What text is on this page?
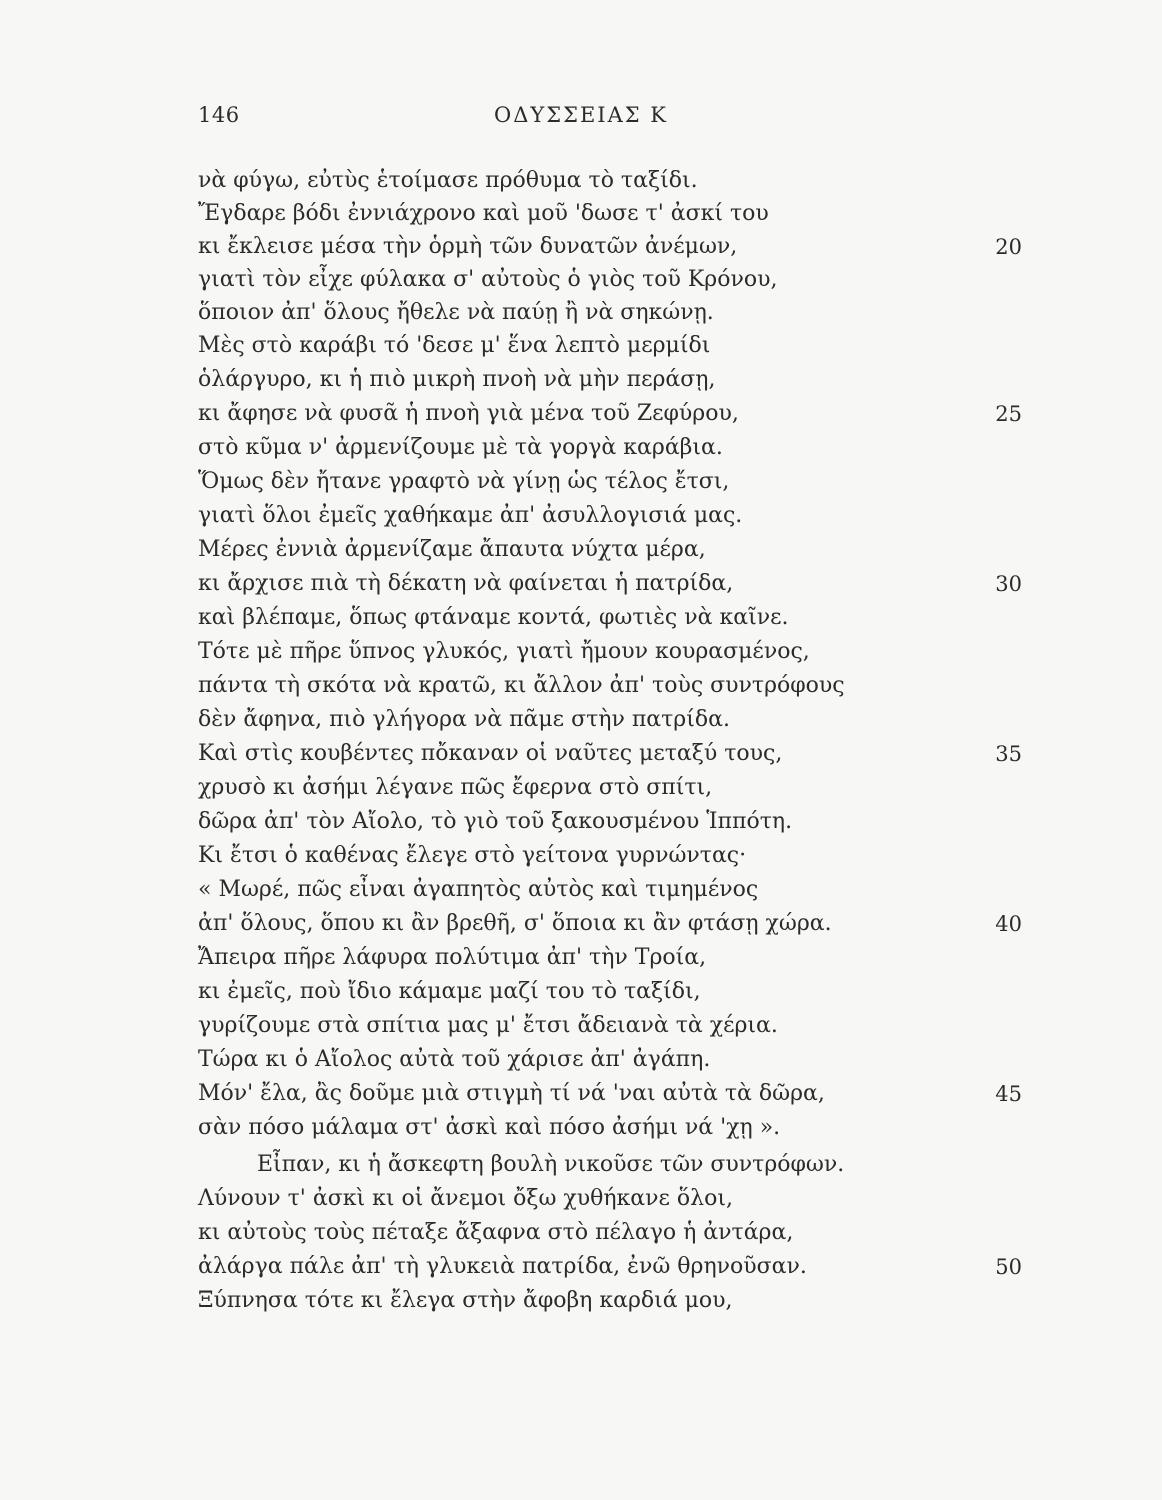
146	ΟΔΥΣΣΕΙΑΣ Κ
νὰ φύγω, εὐτὺς ἑτοίμασε πρόθυμα τὸ ταξίδι.
Ἔγδαρε βόδι ἐννιάχρονο καὶ μοῦ 'δωσε τ' ἀσκί του
κι ἔκλεισε μέσα τὴν ὁρμὴ τῶν δυνατῶν ἀνέμων,
γιατὶ τὸν εἶχε φύλακα σ' αὐτοὺς ὁ γιὸς τοῦ Κρόνου,
ὅποιον ἀπ' ὅλους ἤθελε νὰ παύῃ ἢ νὰ σηκώνῃ.
Μὲς στὸ καράβι τό 'δεσε μ' ἕνα λεπτὸ μερμίδι
ὁλάργυρο, κι ἡ πιὸ μικρὴ πνοὴ νὰ μὴν περάσῃ,
κι ἄφησε νὰ φυσᾶ ἡ πνοὴ γιὰ μένα τοῦ Ζεφύρου,
στὸ κῦμα ν' ἀρμενίζουμε μὲ τὰ γοργὰ καράβια.
Ὅμως δὲν ἤτανε γραφτὸ νὰ γίνῃ ὡς τέλος ἔτσι,
γιατὶ ὅλοι ἐμεῖς χαθήκαμε ἀπ' ἀσυλλογισιά μας.
Μέρες ἐννιὰ ἀρμενίζαμε ἄπαυτα νύχτα μέρα,
κι ἄρχισε πιὰ τὴ δέκατη νὰ φαίνεται ἡ πατρίδα,
καὶ βλέπαμε, ὅπως φτάναμε κοντά, φωτιὲς νὰ καῖνε.
Τότε μὲ πῆρε ὕπνος γλυκός, γιατὶ ἤμουν κουρασμένος,
πάντα τὴ σκότα νὰ κρατῶ, κι ἄλλον ἀπ' τοὺς συντρόφους
δὲν ἄφηνα, πιὸ γλήγορα νὰ πᾶμε στὴν πατρίδα.
Καὶ στὶς κουβέντες πὄκαναν οἱ ναῦτες μεταξύ τους,
χρυσὸ κι ἀσήμι λέγανε πῶς ἔφερνα στὸ σπίτι,
δῶρα ἀπ' τὸν Αἴολο, τὸ γιὸ τοῦ ξακουσμένου Ἱππότη.
Κι ἔτσι ὁ καθένας ἔλεγε στὸ γείτονα γυρνώντας·
« Μωρέ, πῶς εἶναι ἀγαπητὸς αὐτὸς καὶ τιμημένος
ἀπ' ὅλους, ὅπου κι ἂν βρεθῆ, σ' ὅποια κι ἂν φτάσῃ χώρα.
Ἄπειρα πῆρε λάφυρα πολύτιμα ἀπ' τὴν Τροία,
κι ἐμεῖς, ποὺ ἴδιο κάμαμε μαζί του τὸ ταξίδι,
γυρίζουμε στὰ σπίτια μας μ' ἔτσι ἄδειανὰ τὰ χέρια.
Τώρα κι ὁ Αἴολος αὐτὰ τοῦ χάρισε ἀπ' ἀγάπη.
Μόν' ἔλα, ἂς δοῦμε μιὰ στιγμὴ τί νά 'ναι αὐτὰ τὰ δῶρα,
σὰν πόσο μάλαμα στ' ἀσκὶ καὶ πόσο ἀσήμι νά 'χῃ ».
Εἶπαν, κι ἡ ἄσκεφτη βουλὴ νικοῦσε τῶν συντρόφων.
Λύνουν τ' ἀσκὶ κι οἱ ἄνεμοι ὄξω χυθήκανε ὅλοι,
κι αὐτοὺς τοὺς πέταξε ἄξαφνα στὸ πέλαγο ἡ ἀντάρα,
ἀλάργα πάλε ἀπ' τὴ γλυκειὰ πατρίδα, ἐνῶ θρηνοῦσαν.
Ξύπνησα τότε κι ἔλεγα στὴν ἄφοβη καρδιά μου,
20
25
30
35
40
45
50
